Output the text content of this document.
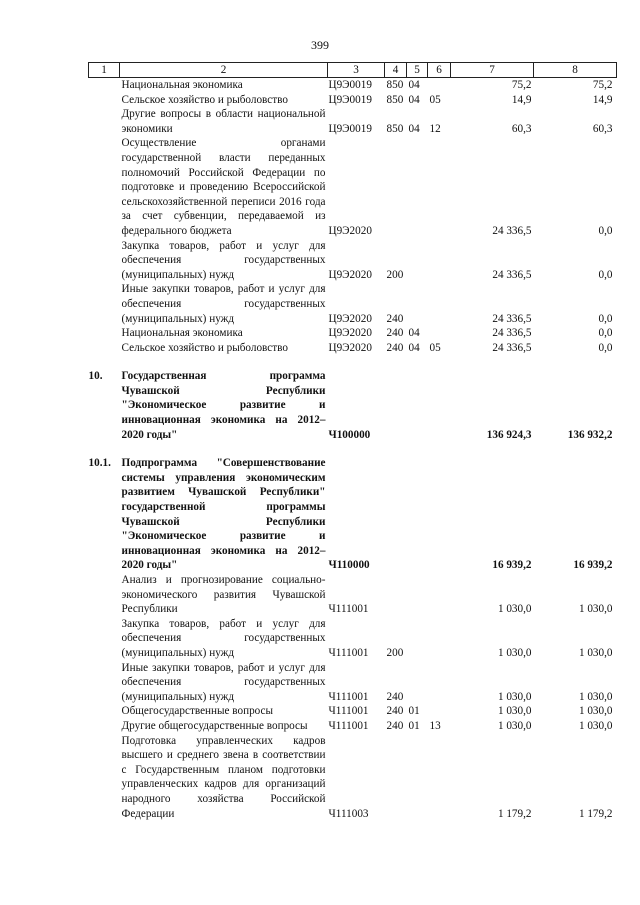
399
1	2	3	4	5	6	7	8
	Национальная экономика	Ц9Э0019	850	04		75,2	75,2
	Сельское хозяйство и рыболовство	Ц9Э0019	850	04	05	14,9	14,9
	Другие вопросы в области национальной экономики	Ц9Э0019	850	04	12	60,3	60,3
	Осуществление органами государственной власти переданных полномочий Российской Федерации по подготовке и проведению Всероссийской сельскохозяйственной переписи 2016 года за счет субвенции, передаваемой из федерального бюджета	Ц9Э2020				24 336,5	0,0
	Закупка товаров, работ и услуг для обеспечения государственных (муниципальных) нужд	Ц9Э2020	200			24 336,5	0,0
	Иные закупки товаров, работ и услуг для обеспечения государственных (муниципальных) нужд	Ц9Э2020	240			24 336,5	0,0
	Национальная экономика	Ц9Э2020	240	04		24 336,5	0,0
	Сельское хозяйство и рыболовство	Ц9Э2020	240	04	05	24 336,5	0,0

10.	Государственная программа Чувашской Республики "Экономическое развитие и инновационная экономика на 2012–2020 годы"	Ч100000				136 924,3	136 932,2

10.1.	Подпрограмма "Совершенствование системы управления экономическим развитием Чувашской Республики" государственной программы Чувашской Республики "Экономическое развитие и инновационная экономика на 2012–2020 годы"	Ч110000				16 939,2	16 939,2
	Анализ и прогнозирование социально-экономического развития Чувашской Республики	Ч111001				1 030,0	1 030,0
	Закупка товаров, работ и услуг для обеспечения государственных (муниципальных) нужд	Ч111001	200			1 030,0	1 030,0
	Иные закупки товаров, работ и услуг для обеспечения государственных (муниципальных) нужд	Ч111001	240			1 030,0	1 030,0
	Общегосударственные вопросы	Ч111001	240	01		1 030,0	1 030,0
	Другие общегосударственные вопросы	Ч111001	240	01	13	1 030,0	1 030,0
	Подготовка управленческих кадров высшего и среднего звена в соответствии с Государственным планом подготовки управленческих кадров для организаций народного хозяйства Российской Федерации	Ч111003				1 179,2	1 179,2
